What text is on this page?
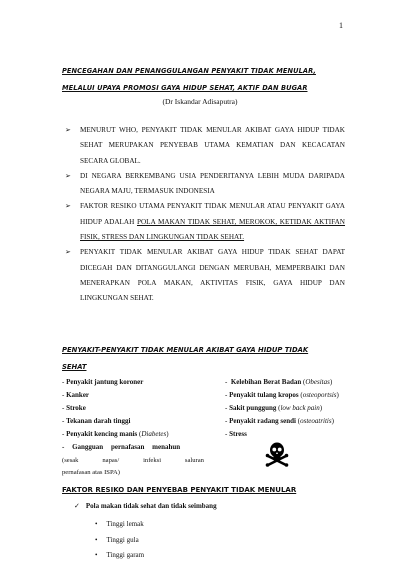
1
PENCEGAHAN DAN PENANGGULANGAN PENYAKIT TIDAK MENULAR,
MELALUI UPAYA PROMOSI GAYA HIDUP SEHAT, AKTIF DAN BUGAR
(Dr Iskandar Adisaputra)
➢ MENURUT WHO, PENYAKIT TIDAK MENULAR AKIBAT GAYA HIDUP TIDAK SEHAT MERUPAKAN PENYEBAB UTAMA KEMATIAN DAN KECACATAN SECARA GLOBAL.
➢ DI NEGARA BERKEMBANG USIA PENDERITANYA LEBIH MUDA DARIPADA NEGARA MAJU, TERMASUK INDONESIA
➢ FAKTOR RESIKO UTAMA PENYAKIT TIDAK MENULAR ATAU PENYAKIT GAYA HIDUP ADALAH POLA MAKAN TIDAK SEHAT, MEROKOK, KETIDAK AKTIFAN FISIK, STRESS DAN LINGKUNGAN TIDAK SEHAT.
➢ PENYAKIT TIDAK MENULAR AKIBAT GAYA HIDUP TIDAK SEHAT DAPAT DICEGAH DAN DITANGGULANGI DENGAN MERUBAH, MEMPERBAIKI DAN MENERAPKAN POLA MAKAN, AKTIVITAS FISIK, GAYA HIDUP DAN LINGKUNGAN SEHAT.
PENYAKIT-PENYAKIT TIDAK MENULAR AKIBAT GAYA HIDUP TIDAK
SEHAT
- Penyakit jantung koroner
- Kanker
- Stroke
- Tekanan darah tinggi
- Penyakit kencing manis (Diabetes)
- Gangguan pernafasan menahun
(sesak	napas/	infeksi	saluran
pernafasan atas ISPA)
-  Kelebihan Berat Badan (Obesitas)
- Penyakit tulang kropos (osteoportsis)
- Sakit punggung (low back pain)
- Penyakit radang sendi (osteoatritis)
- Stress
FAKTOR RESIKO DAN PENYEBAB PENYAKIT TIDAK MENULAR
✓ Pola makan tidak sehat dan tidak seimbang
• Tinggi lemak
• Tinggi gula
• Tinggi garam
